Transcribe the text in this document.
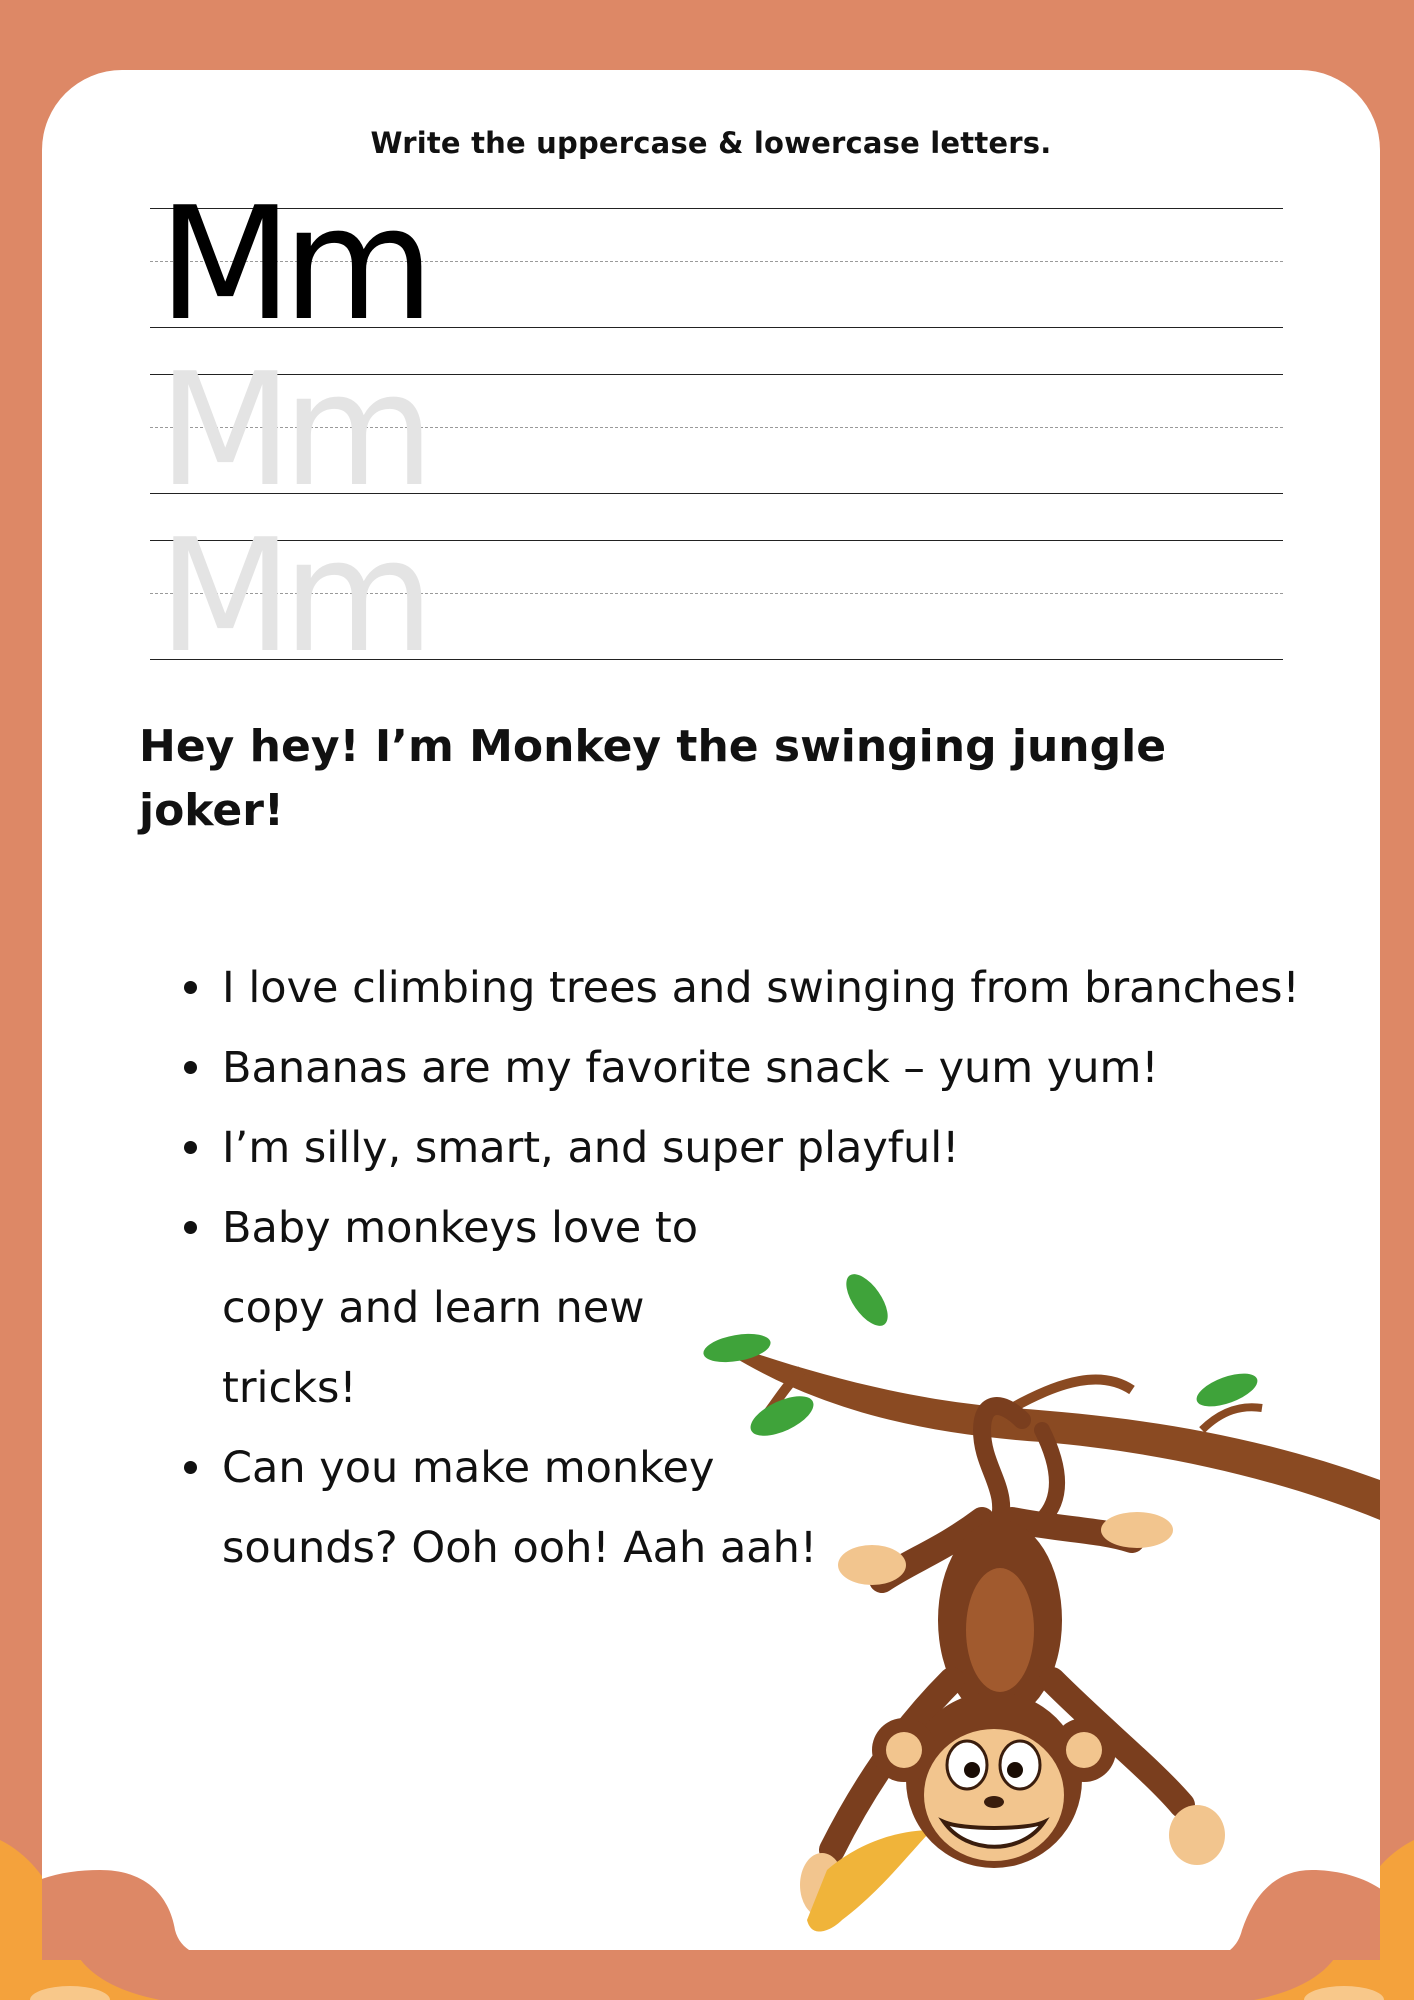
Write the uppercase & lowercase letters.
Mm
Mm
Mm

Hey hey! I’m Monkey the swinging jungle joker!

I love climbing trees and swinging from branches!
Bananas are my favorite snack – yum yum!
I’m silly, smart, and super playful!
Baby monkeys love to copy and learn new tricks!
Can you make monkey sounds? Ooh ooh! Aah aah!
